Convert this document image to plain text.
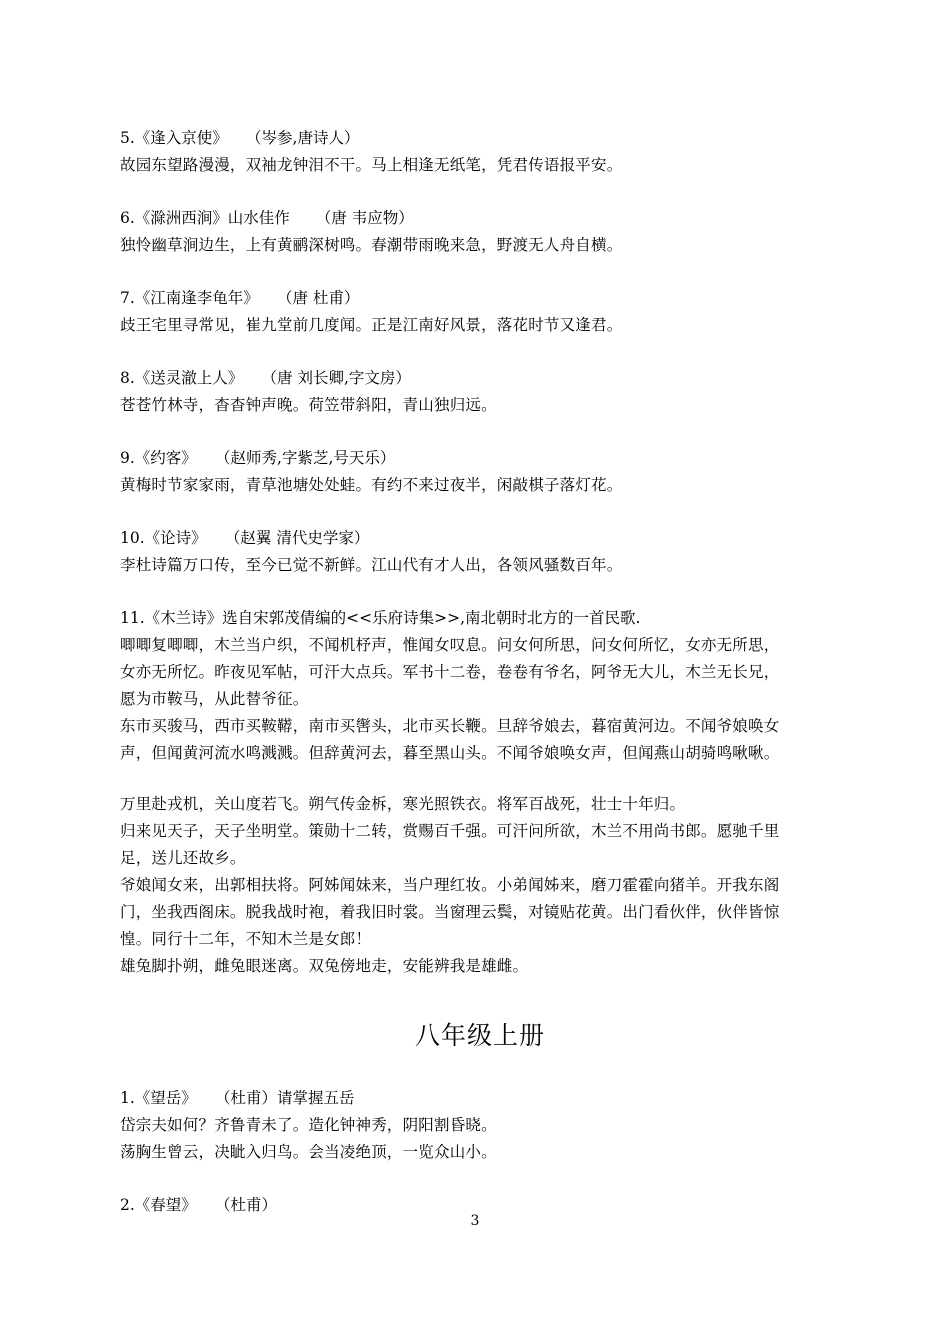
5.《逢入京使》 （岑参,唐诗人）
故园东望路漫漫，双袖龙钟泪不干。马上相逢无纸笔，凭君传语报平安。
6.《滁洲西涧》山水佳作 （唐 韦应物）
独怜幽草涧边生，上有黄鹂深树鸣。春潮带雨晚来急，野渡无人舟自横。
7.《江南逢李龟年》 （唐 杜甫）
歧王宅里寻常见，崔九堂前几度闻。正是江南好风景，落花时节又逢君。
8.《送灵澈上人》 （唐 刘长卿,字文房）
苍苍竹林寺，杳杳钟声晚。荷笠带斜阳，青山独归远。
9.《约客》 （赵师秀,字紫芝,号天乐）
黄梅时节家家雨，青草池塘处处蛙。有约不来过夜半，闲敲棋子落灯花。
10.《论诗》 （赵翼 清代史学家）
李杜诗篇万口传，至今已觉不新鲜。江山代有才人出，各领风骚数百年。
11.《木兰诗》选自宋郭茂倩编的<<乐府诗集>>,南北朝时北方的一首民歌.
唧唧复唧唧，木兰当户织，不闻机杼声，惟闻女叹息。问女何所思，问女何所忆，女亦无所思，
女亦无所忆。昨夜见军帖，可汗大点兵。军书十二卷，卷卷有爷名，阿爷无大儿，木兰无长兄，
愿为市鞍马，从此替爷征。
东市买骏马，西市买鞍鞯，南市买辔头，北市买长鞭。旦辞爷娘去，暮宿黄河边。不闻爷娘唤女
声，但闻黄河流水鸣溅溅。但辞黄河去，暮至黑山头。不闻爷娘唤女声，但闻燕山胡骑鸣啾啾。
万里赴戎机，关山度若飞。朔气传金柝，寒光照铁衣。将军百战死，壮士十年归。
归来见天子，天子坐明堂。策勋十二转，赏赐百千强。可汗问所欲，木兰不用尚书郎。愿驰千里
足，送儿还故乡。
爷娘闻女来，出郭相扶将。阿姊闻妹来，当户理红妆。小弟闻姊来，磨刀霍霍向猪羊。开我东阁
门，坐我西阁床。脱我战时袍，着我旧时裳。当窗理云鬓，对镜贴花黄。出门看伙伴，伙伴皆惊
惶。同行十二年，不知木兰是女郎！
雄兔脚扑朔，雌兔眼迷离。双兔傍地走，安能辨我是雄雌。
八年级上册
1.《望岳》 （杜甫）请掌握五岳
岱宗夫如何？齐鲁青未了。造化钟神秀，阴阳割昏晓。
荡胸生曾云，决眦入归鸟。会当凌绝顶，一览众山小。
2.《春望》 （杜甫）
3
